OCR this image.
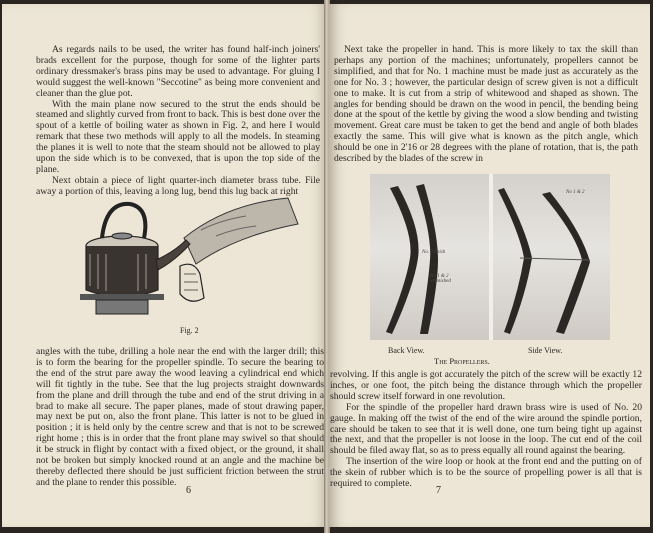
As regards nails to be used, the writer has found half-inch joiners' brads excellent for the purpose, though for some of the lighter parts ordinary dressmaker's brass pins may be used to advantage. For gluing I would suggest the well-known "Seccotine" as being more convenient and cleaner than the glue pot.

With the main plane now secured to the strut the ends should be steamed and slightly curved from front to back. This is best done over the spout of a kettle of boiling water as shown in Fig. 2, and here I would remark that these two methods will apply to all the models. In steaming the planes it is well to note that the steam should not be allowed to play upon the side which is to be convexed, that is upon the top side of the plane.

Next obtain a piece of light quarter-inch diameter brass tube. File away a portion of this, leaving a long lug, bend this lug back at right

Fig. 2
angles with the tube, drilling a hole near the end with the larger drill; this is to form the bearing for the propeller spindle. To secure the bearing to the end of the strut pare away the wood leaving a cylindrical end which will fit tightly in the tube. See that the lug projects straight downwards from the plane and drill through the tube and end of the strut driving in a brad to make all secure. The paper planes, made of stout drawing paper, may next be put on, also the front plane. This latter is not to be glued in position ; it is held only by the centre screw and that is not to be screwed right home ; this is in order that the front plane may swivel so that should it be struck in flight by contact with a fixed object, or the ground, it shall not be broken but simply knocked round at an angle and the machine be thereby deflected there should be just sufficient friction between the strut and the plane to render this possible.
6
Next take the propeller in hand. This is more likely to tax the skill than perhaps any portion of the machines; unfortunately, propellers cannot be simplified, and that for No. 1 machine must be made just as accurately as the one for No. 3 ; however, the particular design of screw given is not a difficult one to make. It is cut from a strip of whitewood and shaped as shown. The angles for bending should be drawn on the wood in pencil, the bending being done at the spout of the kettle by giving the wood a slow bending and twisting movement. Great care must be taken to get the bend and angle of both blades exactly the same. This will give what is known as the pitch angle, which should be one in 2'16 or 28 degrees with the plane of rotation, that is, the path described by the blades of the screw in
No. 3 finish
No 1 & 2 unfinished
No 1 & 2
Back View.	Side View.
The Propellers.

revolving. If this angle is got accurately the pitch of the screw will be exactly 12 inches, or one foot, the pitch being the distance through which the propeller should screw itself forward in one revolution.

For the spindle of the propeller hard drawn brass wire is used of No. 20 gauge. In making off the twist of the end of the wire around the spindle portion, care should be taken to see that it is well done, one turn being tight up against the next, and that the propeller is not loose in the loop. The cut end of the coil should be filed away flat, so as to press equally all round against the bearing.

The insertion of the wire loop or hook at the front end and the putting on of the skein of rubber which is to be the source of propelling power is all that is required to complete.

7
